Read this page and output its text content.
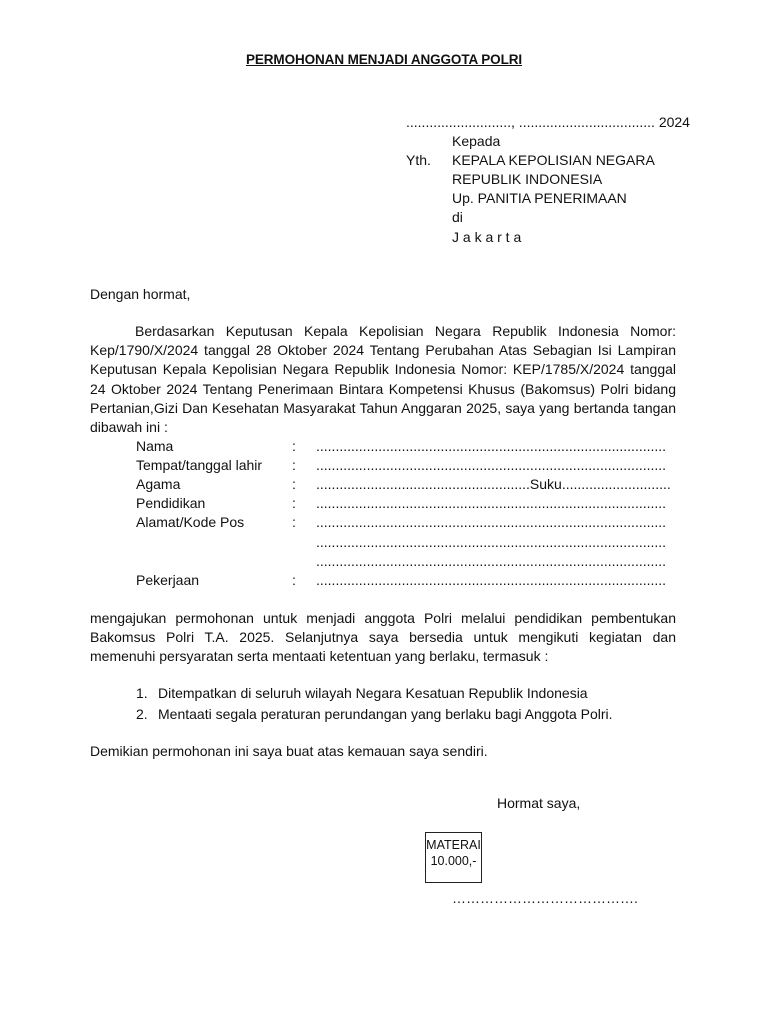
PERMOHONAN MENJADI ANGGOTA POLRI
..........................., ................................... 2024
Kepada
Yth. KEPALA KEPOLISIAN NEGARA
REPUBLIK INDONESIA
Up. PANITIA PENERIMAAN
di
J a k a r t a
Dengan hormat,
Berdasarkan Keputusan Kepala Kepolisian Negara Republik Indonesia Nomor: Kep/1790/X/2024 tanggal 28 Oktober 2024 Tentang Perubahan Atas Sebagian Isi Lampiran Keputusan Kepala Kepolisian Negara Republik Indonesia Nomor: KEP/1785/X/2024 tanggal 24 Oktober 2024 Tentang Penerimaan Bintara Kompetensi Khusus (Bakomsus) Polri bidang Pertanian,Gizi Dan Kesehatan Masyarakat Tahun Anggaran 2025, saya yang bertanda tangan dibawah ini :
Nama	: ..........................................................................................
Tempat/tanggal lahir : ..........................................................................................
Agama	: .......................................................Suku............................
Pendidikan	: ..........................................................................................
Alamat/Kode Pos	: ..........................................................................................
..........................................................................................
..........................................................................................
Pekerjaan	: ..........................................................................................
mengajukan permohonan untuk menjadi anggota Polri melalui pendidikan pembentukan Bakomsus Polri T.A. 2025. Selanjutnya saya bersedia untuk mengikuti kegiatan dan memenuhi persyaratan serta mentaati ketentuan yang berlaku, termasuk :
1. Ditempatkan di seluruh wilayah Negara Kesatuan Republik Indonesia
2. Mentaati segala peraturan perundangan yang berlaku bagi Anggota Polri.
Demikian permohonan ini saya buat atas kemauan saya sendiri.
Hormat saya,
MATERAI
10.000,-
………………………………….
